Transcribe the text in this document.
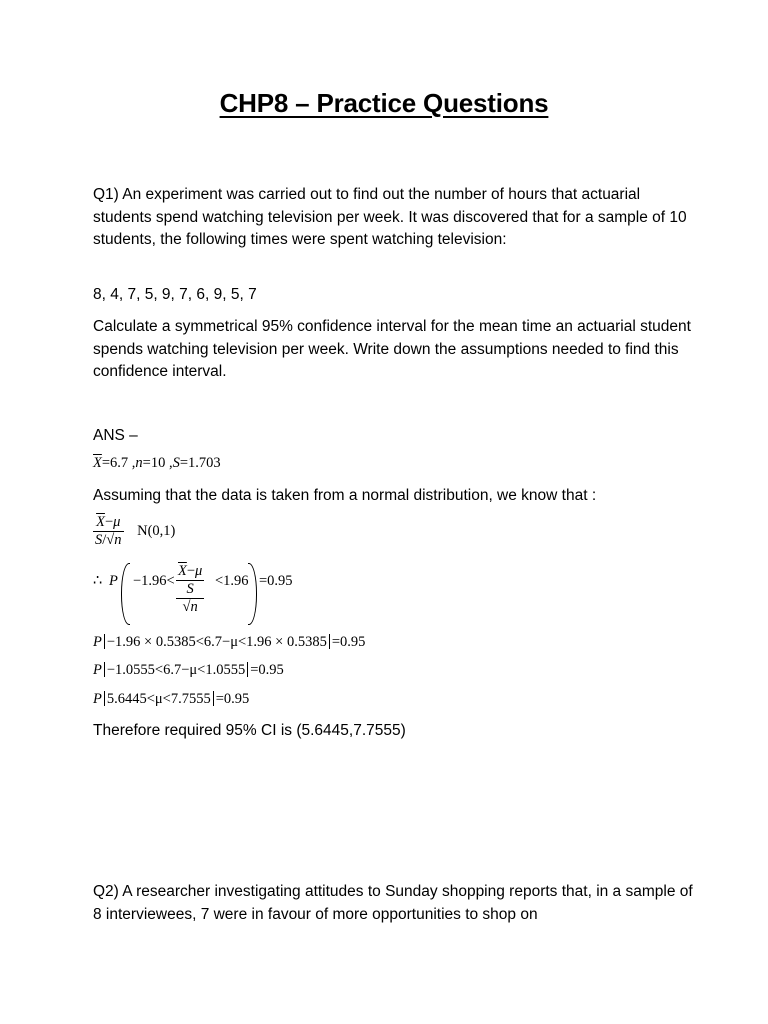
CHP8 – Practice Questions

Q1) An experiment was carried out to find out the number of hours that actuarial students spend watching television per week. It was discovered that for a sample of 10 students, the following times were spent watching television:

8, 4, 7, 5, 9, 7, 6, 9, 5, 7

Calculate a symmetrical 95% confidence interval for the mean time an actuarial student spends watching television per week. Write down the assumptions needed to find this confidence interval.

ANS –

$\overline{X}=6.7$ ,n=10 ,S=1.703

Assuming that the data is taken from a normal distribution, we know that :

$\frac{\overline{X}-\mu}{S/√n} N(0,1)$
∴ P −1.96<
$\overline{X}-\mu$
S
√n
<1.96 =0.95
P −1.96 × 0.5385<6.7−μ<1.96 × 0.5385 =0.95
P −1.0555<6.7−μ<1.0555 =0.95
P 5.6445<μ<7.7555 =0.95

Therefore required 95% CI is (5.6445,7.7555)

Q2) A researcher investigating attitudes to Sunday shopping reports that, in a sample of 8 interviewees, 7 were in favour of more opportunities to shop on
